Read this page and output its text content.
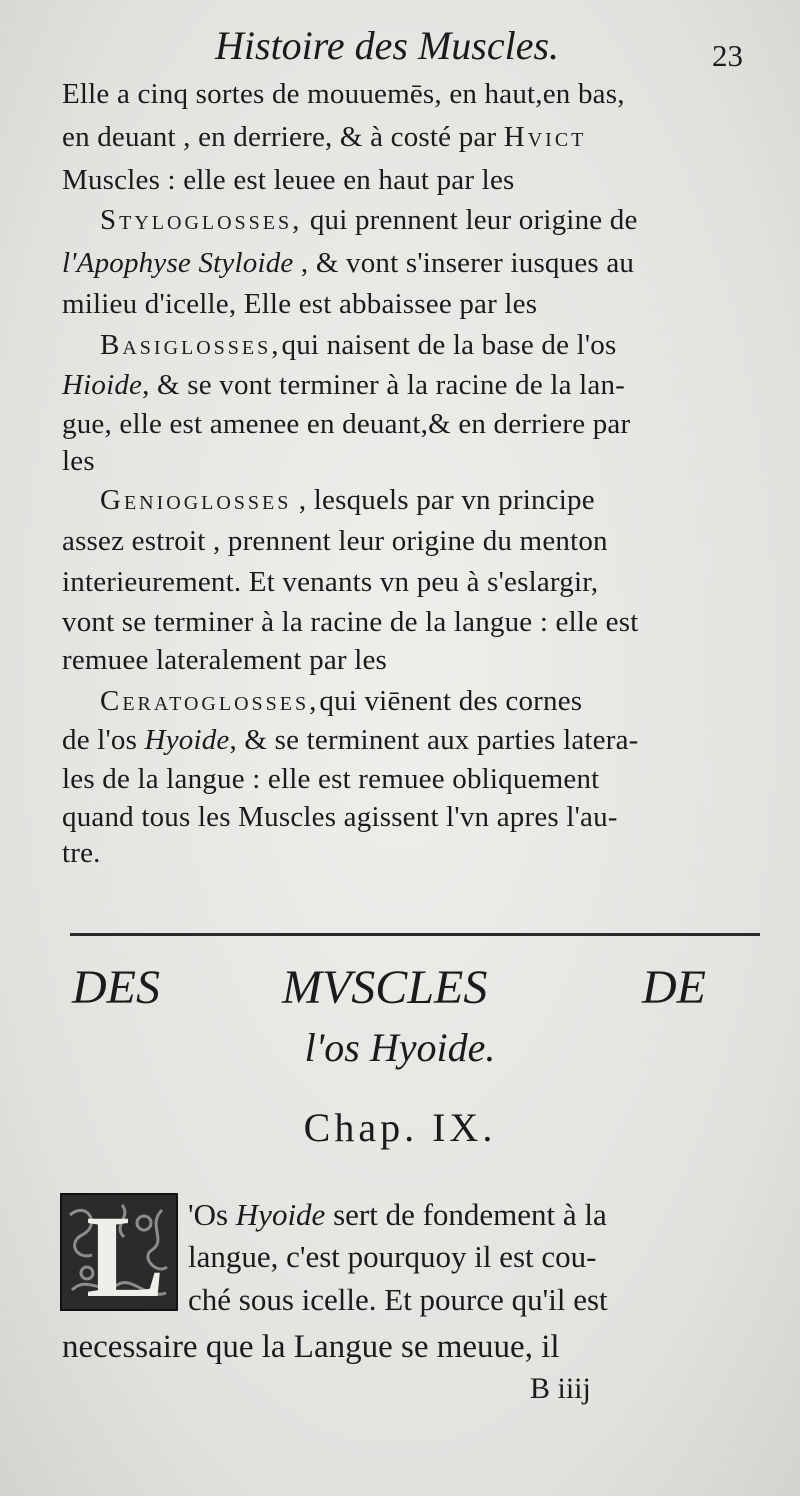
Histoire des Muscles.	23
Elle a cinq sortes de mouuemēs, en haut,en bas,
en deuant , en derriere, & à costé par Hvict
Muscles : elle est leuee en haut par les
Styloglosses, qui prennent leur origine de
l'Apophyse Styloide , & vont s'inserer iusques au
milieu d'icelle, Elle est abbaissee par les
Basiglosses,qui naisent de la base de l'os
Hioide, & se vont terminer à la racine de la lan-
gue, elle est amenee en deuant,& en derriere par
les
Genioglosses , lesquels par vn principe
assez estroit , prennent leur origine du menton
interieurement. Et venants vn peu à s'eslargir,
vont se terminer à la racine de la langue : elle est
remuee lateralement par les
Ceratoglosses,qui viēnent des cornes
de l'os Hyoide, & se terminent aux parties latera-
les de la langue : elle est remuee obliquement
quand tous les Muscles agissent l'vn apres l'au-
tre.
DES	MVSCLES	DE
l'os Hyoide.
Chap. IX.
L 'Os Hyoide sert de fondement à la
langue, c'est pourquoy il est cou-
ché sous icelle. Et pource qu'il est
necessaire que la Langue se meuue, il
B iiij
